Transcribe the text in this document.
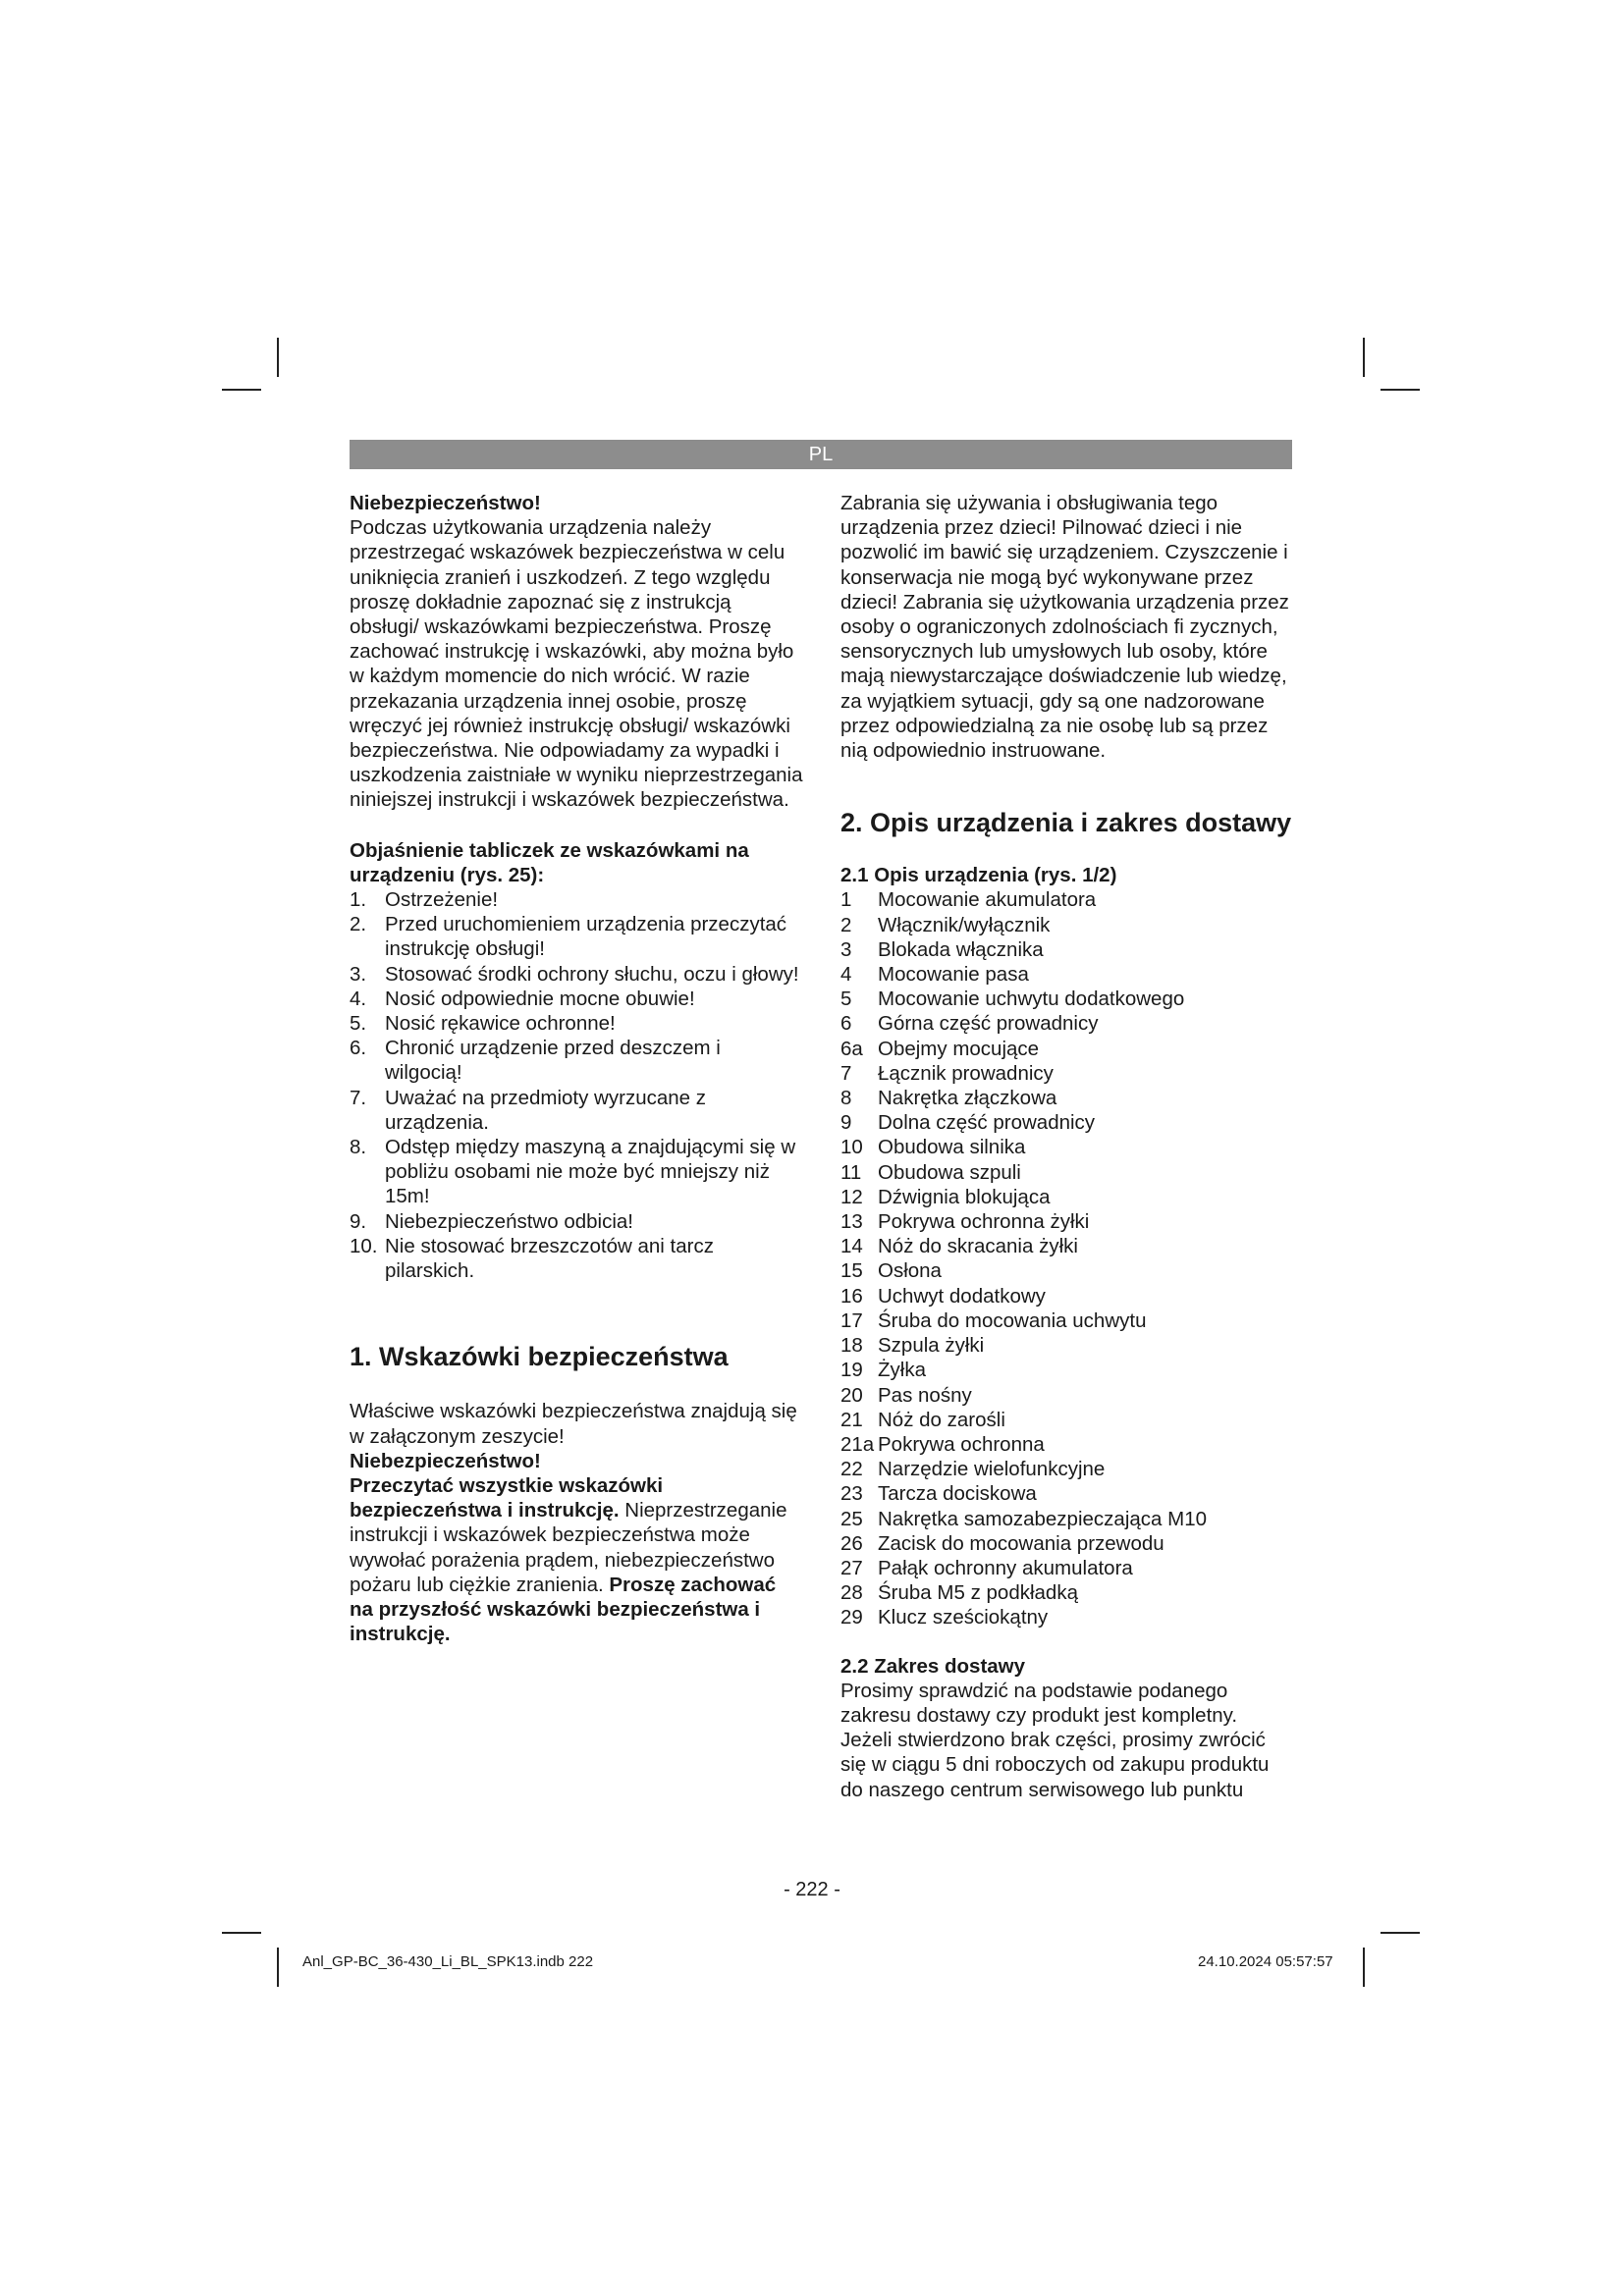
PL

Niebezpieczeństwo!

Podczas użytkowania urządzenia należy przestrzegać wskazówek bezpieczeństwa w celu uniknięcia zranień i uszkodzeń. Z tego względu proszę dokładnie zapoznać się z instrukcją obsługi/ wskazówkami bezpieczeństwa. Proszę zachować instrukcję i wskazówki, aby można było w każdym momencie do nich wrócić. W razie przekazania urządzenia innej osobie, proszę wręczyć jej również instrukcję obsługi/ wskazówki bezpieczeństwa. Nie odpowiadamy za wypadki i uszkodzenia zaistniałe w wyniku nieprzestrzegania niniejszej instrukcji i wskazówek bezpieczeństwa.

Objaśnienie tabliczek ze wskazówkami na urządzeniu (rys. 25):

1. Ostrzeżenie!
2. Przed uruchomieniem urządzenia przeczytać instrukcję obsługi!
3. Stosować środki ochrony słuchu, oczu i głowy!
4. Nosić odpowiednie mocne obuwie!
5. Nosić rękawice ochronne!
6. Chronić urządzenie przed deszczem i wilgocią!
7. Uważać na przedmioty wyrzucane z urządzenia.
8. Odstęp między maszyną a znajdującymi się w pobliżu osobami nie może być mniejszy niż 15m!
9. Niebezpieczeństwo odbicia!
10. Nie stosować brzeszczotów ani tarcz pilarskich.

1. Wskazówki bezpieczeństwa

Właściwe wskazówki bezpieczeństwa znajdują się w załączonym zeszycie!

Niebezpieczeństwo!

Przeczytać wszystkie wskazówki bezpieczeństwa i instrukcję. Nieprzestrzeganie instrukcji i wskazówek bezpieczeństwa może wywołać porażenia prądem, niebezpieczeństwo pożaru lub ciężkie zranienia. Proszę zachować na przyszłość wskazówki bezpieczeństwa i instrukcję.

Zabrania się używania i obsługiwania tego urządzenia przez dzieci! Pilnować dzieci i nie pozwolić im bawić się urządzeniem. Czyszczenie i konserwacja nie mogą być wykonywane przez dzieci! Zabrania się użytkowania urządzenia przez osoby o ograniczonych zdolnościach fi zycznych, sensorycznych lub umysłowych lub osoby, które mają niewystarczające doświadczenie lub wiedzę, za wyjątkiem sytuacji, gdy są one nadzorowane przez odpowiedzialną za nie osobę lub są przez nią odpowiednio instruowane.

2. Opis urządzenia i zakres dostawy

2.1 Opis urządzenia (rys. 1/2)

1	Mocowanie akumulatora
2	Włącznik/wyłącznik
3	Blokada włącznika
4	Mocowanie pasa
5	Mocowanie uchwytu dodatkowego
6	Górna część prowadnicy
6a Obejmy mocujące
7	Łącznik prowadnicy
8	Nakrętka złączkowa
9	Dolna część prowadnicy
10 Obudowa silnika
11 Obudowa szpuli
12 Dźwignia blokująca
13 Pokrywa ochronna żyłki
14 Nóż do skracania żyłki
15 Osłona
16 Uchwyt dodatkowy
17 Śruba do mocowania uchwytu
18 Szpula żyłki
19 Żyłka
20 Pas nośny
21 Nóż do zarośli
21a Pokrywa ochronna
22 Narzędzie wielofunkcyjne
23 Tarcza dociskowa
25 Nakrętka samozabezpieczająca M10
26 Zacisk do mocowania przewodu
27 Pałąk ochronny akumulatora
28 Śruba M5 z podkładką
29 Klucz sześciokątny

2.2 Zakres dostawy

Prosimy sprawdzić na podstawie podanego zakresu dostawy czy produkt jest kompletny. Jeżeli stwierdzono brak części, prosimy zwrócić się w ciągu 5 dni roboczych od zakupu produktu do naszego centrum serwisowego lub punktu

- 222 -
Anl_GP-BC_36-430_Li_BL_SPK13.indb 222	24.10.2024 05:57:57
